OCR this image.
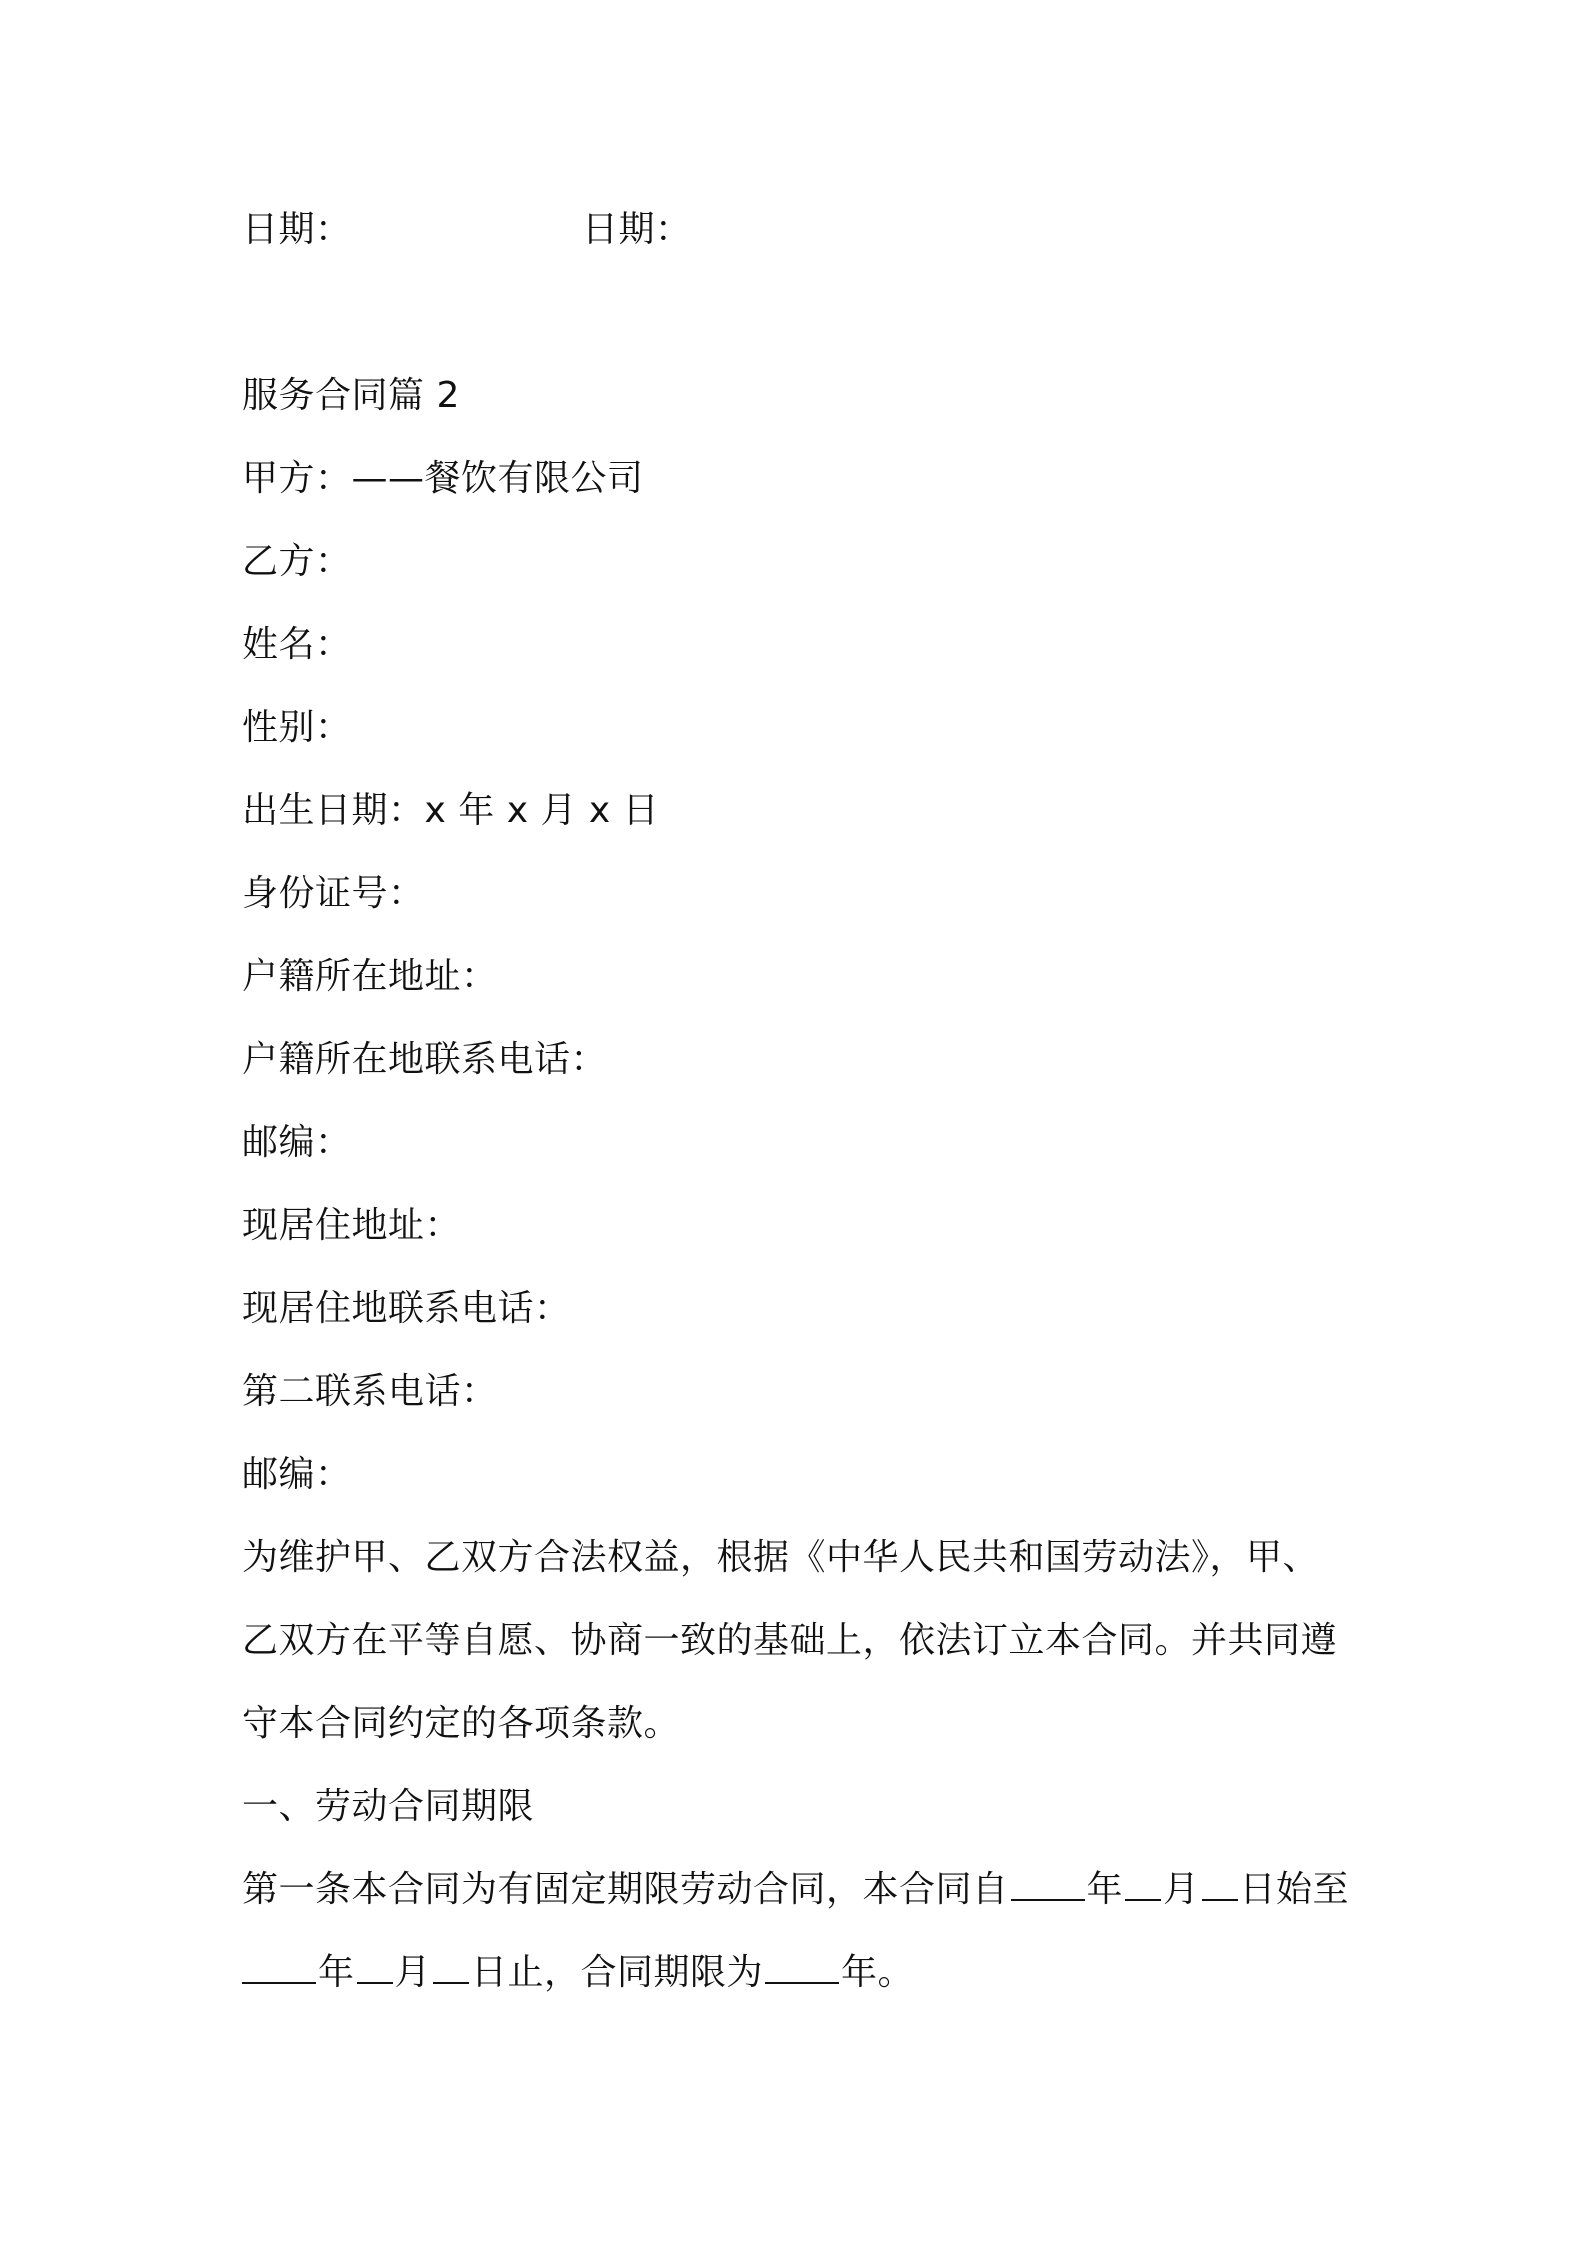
日期：	日期：
服务合同篇 2
甲方：——餐饮有限公司
乙方：
姓名：
性别：
出生日期：x 年 x 月 x 日
身份证号：
户籍所在地址：
户籍所在地联系电话：
邮编：
现居住地址：
现居住地联系电话：
第二联系电话：
邮编：
为维护甲、乙双方合法权益，根据《中华人民共和国劳动法》，甲、
乙双方在平等自愿、协商一致的基础上，依法订立本合同。并共同遵
守本合同约定的各项条款。
一、劳动合同期限
第一条本合同为有固定期限劳动合同，本合同自 年 月 日始至
年 月 日止，合同期限为 年。
